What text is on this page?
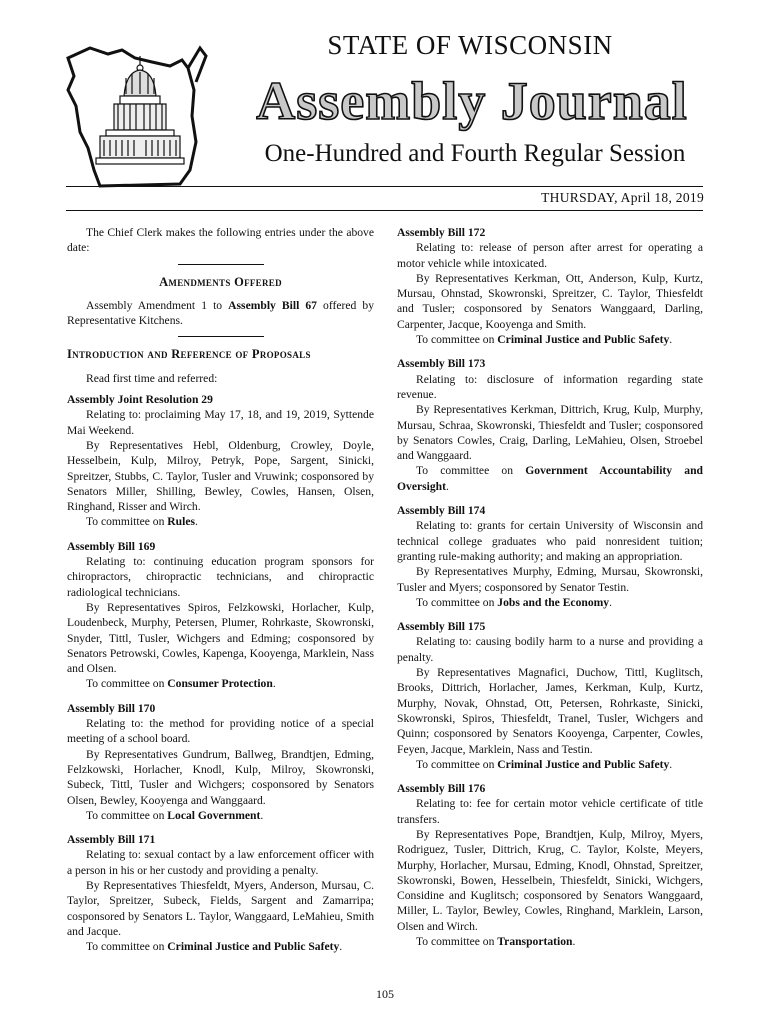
STATE OF WISCONSIN
Assembly Journal
One-Hundred and Fourth Regular Session
THURSDAY, April 18, 2019

The Chief Clerk makes the following entries under the above date:

Amendments Offered

Assembly Amendment 1 to Assembly Bill 67 offered by Representative Kitchens.

Introduction and Reference of Proposals

Read first time and referred:

Assembly Joint Resolution 29

Relating to: proclaiming May 17, 18, and 19, 2019, Syttende Mai Weekend.

By Representatives Hebl, Oldenburg, Crowley, Doyle, Hesselbein, Kulp, Milroy, Petryk, Pope, Sargent, Sinicki, Spreitzer, Stubbs, C. Taylor, Tusler and Vruwink; cosponsored by Senators Miller, Shilling, Bewley, Cowles, Hansen, Olsen, Ringhand, Risser and Wirch.

To committee on Rules.

Assembly Bill 169

Relating to: continuing education program sponsors for chiropractors, chiropractic technicians, and chiropractic radiological technicians.

By Representatives Spiros, Felzkowski, Horlacher, Kulp, Loudenbeck, Murphy, Petersen, Plumer, Rohrkaste, Skowronski, Snyder, Tittl, Tusler, Wichgers and Edming; cosponsored by Senators Petrowski, Cowles, Kapenga, Kooyenga, Marklein, Nass and Olsen.

To committee on Consumer Protection.

Assembly Bill 170

Relating to: the method for providing notice of a special meeting of a school board.

By Representatives Gundrum, Ballweg, Brandtjen, Edming, Felzkowski, Horlacher, Knodl, Kulp, Milroy, Skowronski, Subeck, Tittl, Tusler and Wichgers; cosponsored by Senators Olsen, Bewley, Kooyenga and Wanggaard.

To committee on Local Government.

Assembly Bill 171

Relating to: sexual contact by a law enforcement officer with a person in his or her custody and providing a penalty.

By Representatives Thiesfeldt, Myers, Anderson, Mursau, C. Taylor, Spreitzer, Subeck, Fields, Sargent and Zamarripa; cosponsored by Senators L. Taylor, Wanggaard, LeMahieu, Smith and Jacque.

To committee on Criminal Justice and Public Safety.

Assembly Bill 172

Relating to: release of person after arrest for operating a motor vehicle while intoxicated.

By Representatives Kerkman, Ott, Anderson, Kulp, Kurtz, Mursau, Ohnstad, Skowronski, Spreitzer, C. Taylor, Thiesfeldt and Tusler; cosponsored by Senators Wanggaard, Darling, Carpenter, Jacque, Kooyenga and Smith.

To committee on Criminal Justice and Public Safety.

Assembly Bill 173

Relating to: disclosure of information regarding state revenue.

By Representatives Kerkman, Dittrich, Krug, Kulp, Murphy, Mursau, Schraa, Skowronski, Thiesfeldt and Tusler; cosponsored by Senators Cowles, Craig, Darling, LeMahieu, Olsen, Stroebel and Wanggaard.

To committee on Government Accountability and Oversight.

Assembly Bill 174

Relating to: grants for certain University of Wisconsin and technical college graduates who paid nonresident tuition; granting rule-making authority; and making an appropriation.

By Representatives Murphy, Edming, Mursau, Skowronski, Tusler and Myers; cosponsored by Senator Testin.

To committee on Jobs and the Economy.

Assembly Bill 175

Relating to: causing bodily harm to a nurse and providing a penalty.

By Representatives Magnafici, Duchow, Tittl, Kuglitsch, Brooks, Dittrich, Horlacher, James, Kerkman, Kulp, Kurtz, Murphy, Novak, Ohnstad, Ott, Petersen, Rohrkaste, Sinicki, Skowronski, Spiros, Thiesfeldt, Tranel, Tusler, Wichgers and Quinn; cosponsored by Senators Kooyenga, Carpenter, Cowles, Feyen, Jacque, Marklein, Nass and Testin.

To committee on Criminal Justice and Public Safety.

Assembly Bill 176

Relating to: fee for certain motor vehicle certificate of title transfers.

By Representatives Pope, Brandtjen, Kulp, Milroy, Myers, Rodriguez, Tusler, Dittrich, Krug, C. Taylor, Kolste, Meyers, Murphy, Horlacher, Mursau, Edming, Knodl, Ohnstad, Spreitzer, Skowronski, Bowen, Hesselbein, Thiesfeldt, Sinicki, Wichgers, Considine and Kuglitsch; cosponsored by Senators Wanggaard, Miller, L. Taylor, Bewley, Cowles, Ringhand, Marklein, Larson, Olsen and Wirch.

To committee on Transportation.

105
